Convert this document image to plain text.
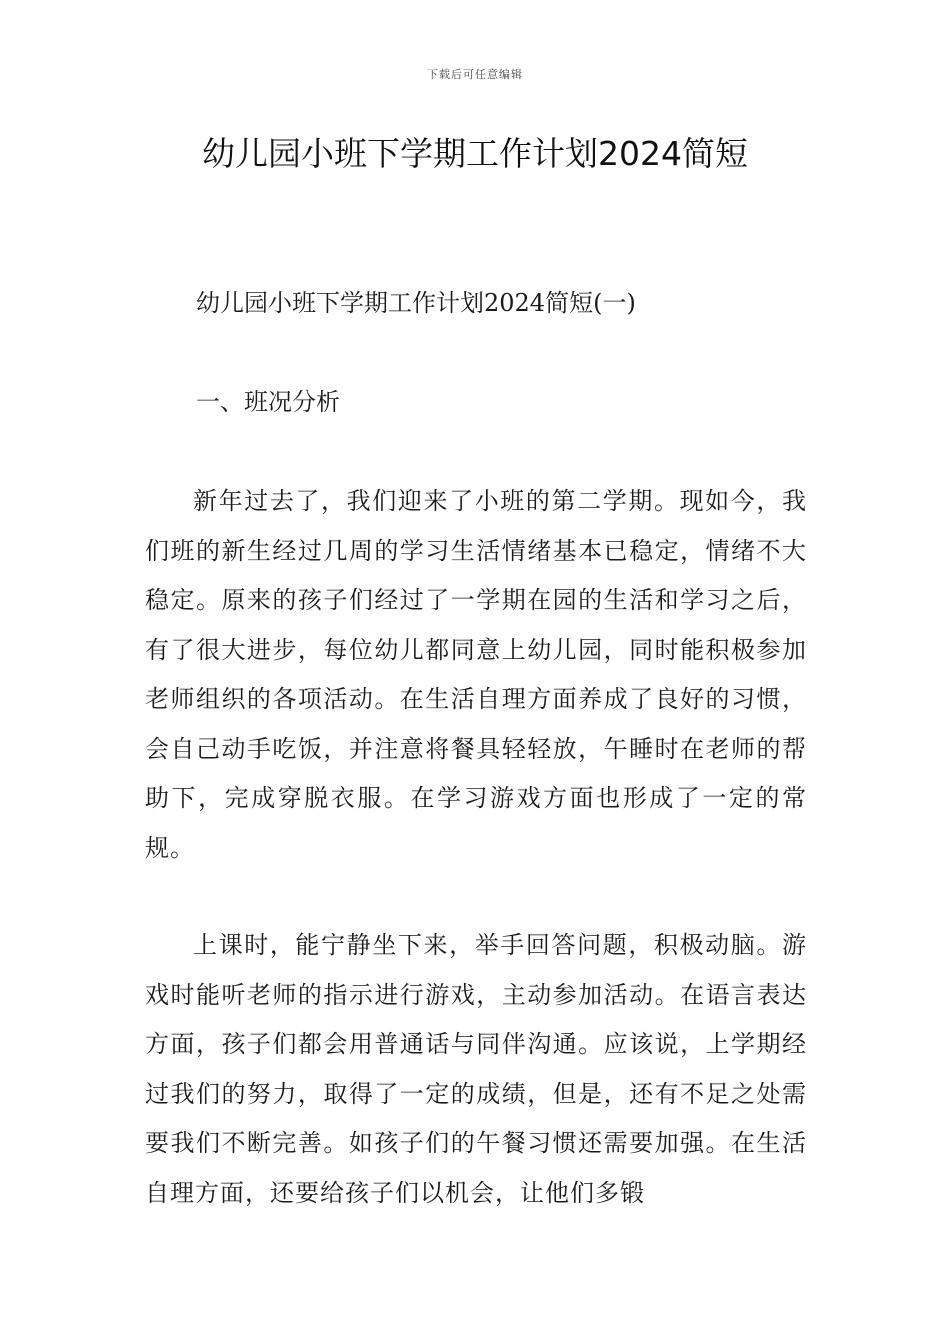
下载后可任意编辑
幼儿园小班下学期工作计划2024简短
幼儿园小班下学期工作计划2024简短(一)
一、班况分析

新年过去了，我们迎来了小班的第二学期。现如今，我们班的新生经过几周的学习生活情绪基本已稳定，情绪不大稳定。原来的孩子们经过了一学期在园的生活和学习之后，有了很大进步，每位幼儿都同意上幼儿园，同时能积极参加老师组织的各项活动。在生活自理方面养成了良好的习惯，会自己动手吃饭，并注意将餐具轻轻放，午睡时在老师的帮助下，完成穿脱衣服。在学习游戏方面也形成了一定的常规。

上课时，能宁静坐下来，举手回答问题，积极动脑。游戏时能听老师的指示进行游戏，主动参加活动。在语言表达方面，孩子们都会用普通话与同伴沟通。应该说，上学期经过我们的努力，取得了一定的成绩，但是，还有不足之处需要我们不断完善。如孩子们的午餐习惯还需要加强。在生活自理方面，还要给孩子们以机会，让他们多锻
